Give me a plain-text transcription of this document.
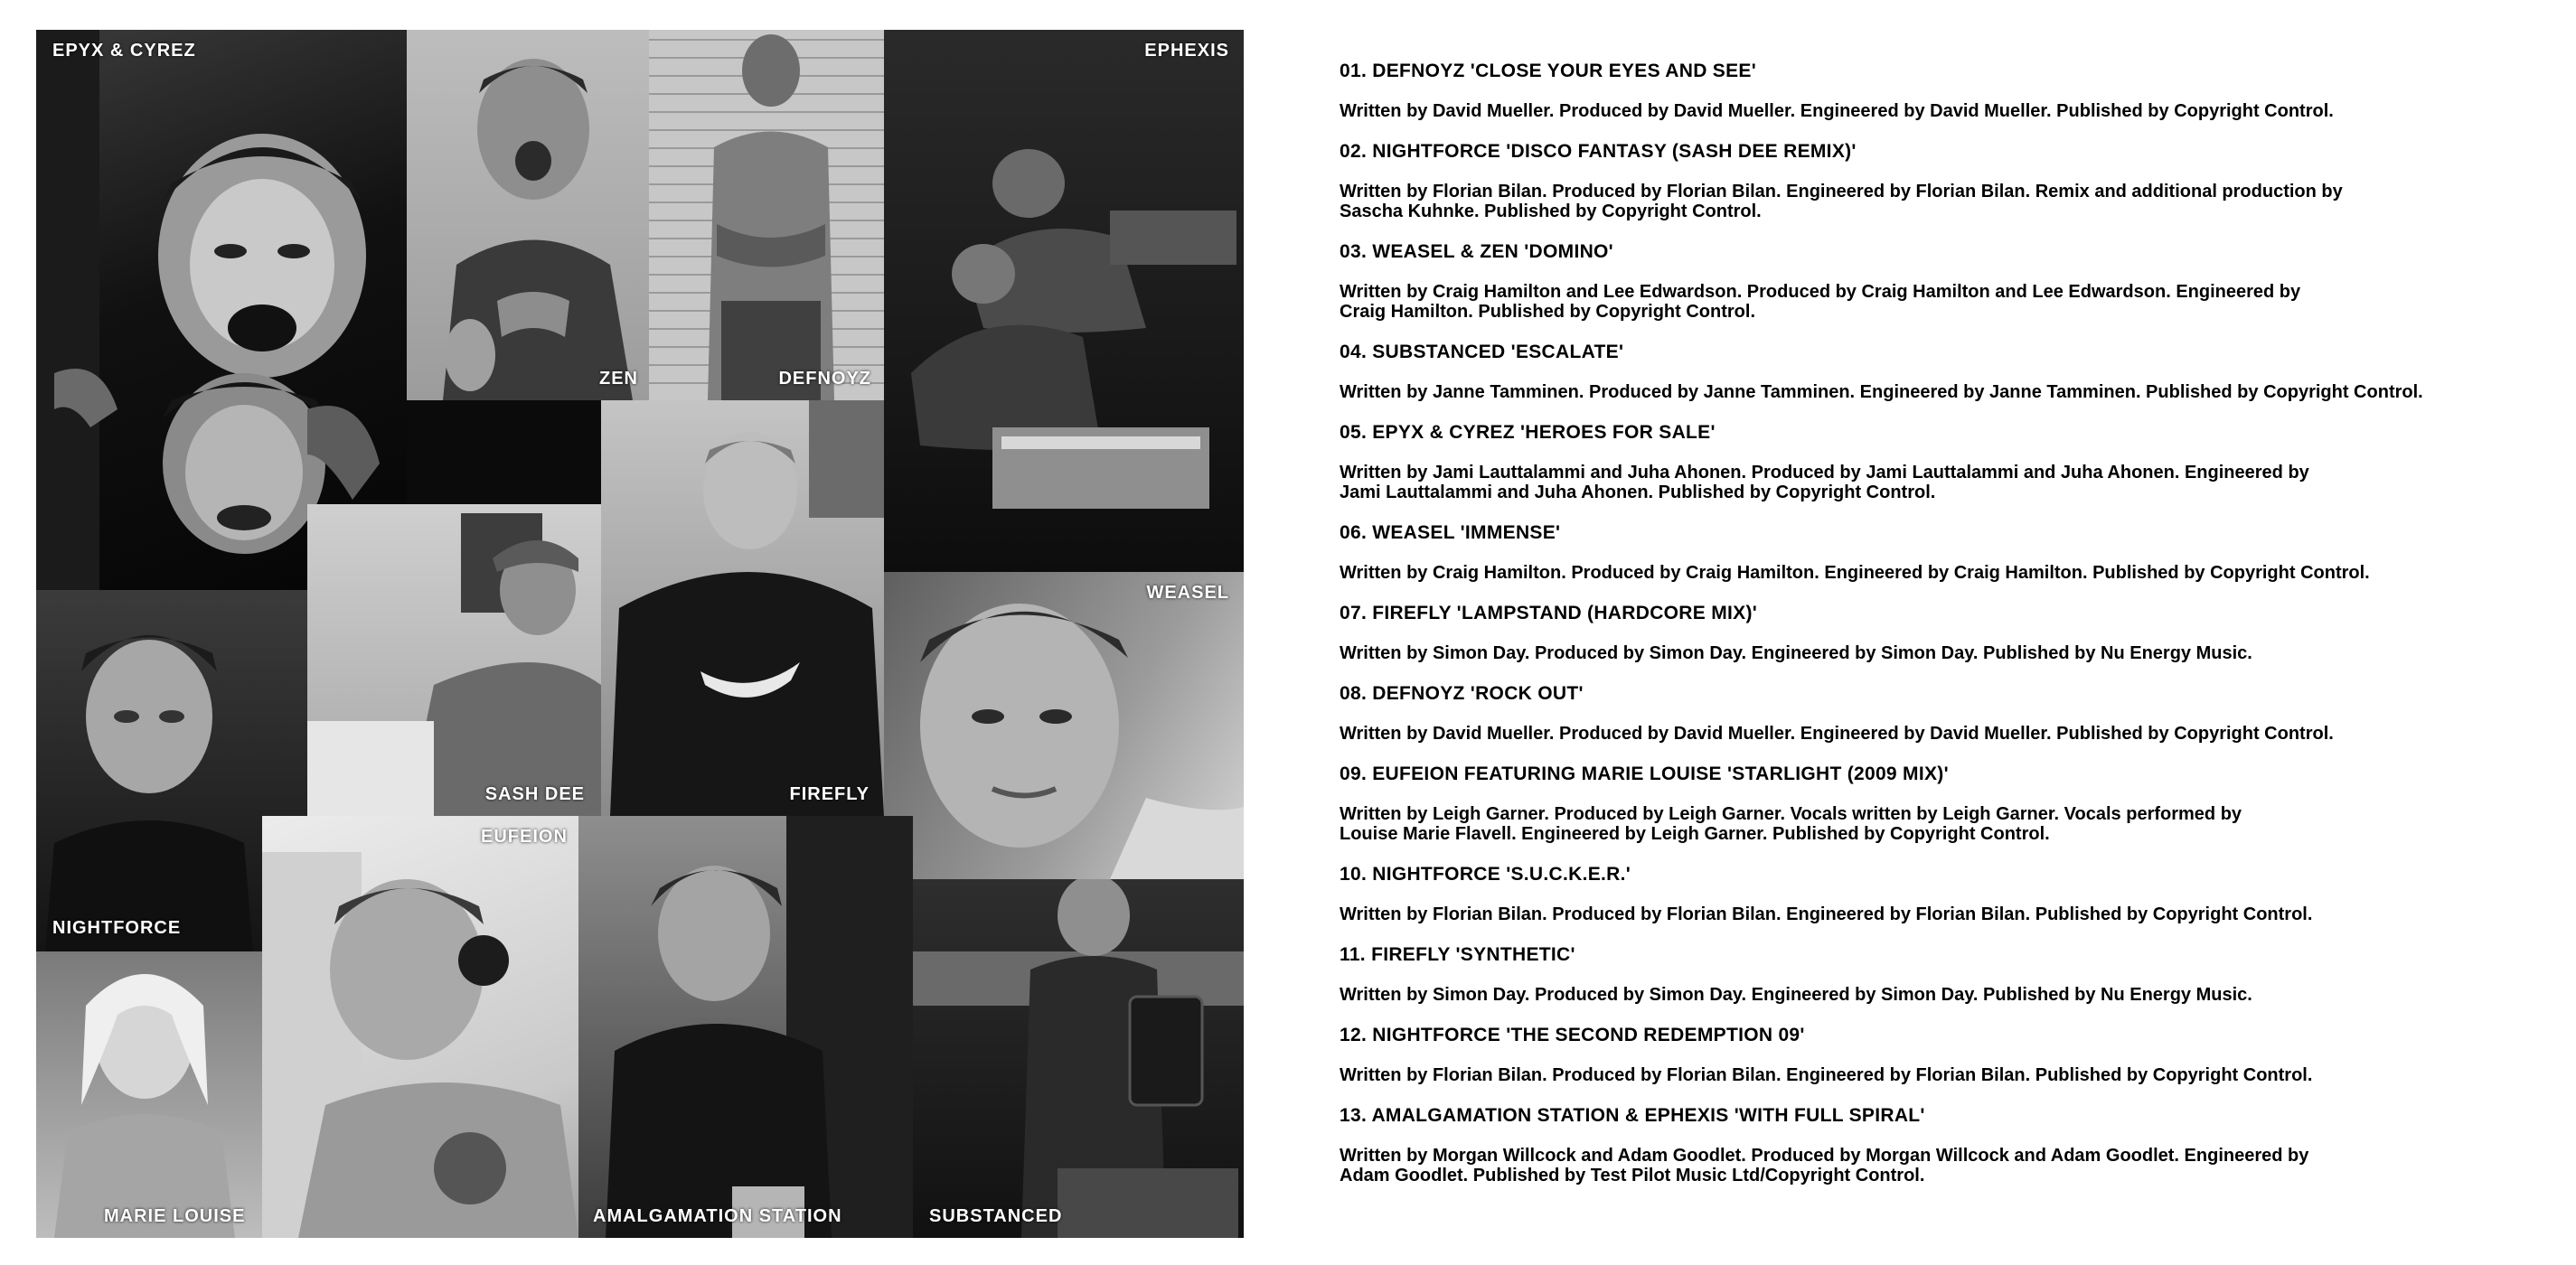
EPYX & CYREZ
ZEN	DEFNOYZ
EPHEXIS
WEASEL
SASH DEE	FIREFLY
NIGHTFORCE
EUFEION
MARIE LOUISE	AMALGAMATION STATION	SUBSTANCED
01. DEFNOYZ 'CLOSE YOUR EYES AND SEE'
Written by David Mueller. Produced by David Mueller. Engineered by David Mueller. Published by Copyright Control.
02. NIGHTFORCE 'DISCO FANTASY (SASH DEE REMIX)'
Written by Florian Bilan. Produced by Florian Bilan. Engineered by Florian Bilan. Remix and additional production by
Sascha Kuhnke. Published by Copyright Control.
03. WEASEL & ZEN 'DOMINO'
Written by Craig Hamilton and Lee Edwardson. Produced by Craig Hamilton and Lee Edwardson. Engineered by
Craig Hamilton. Published by Copyright Control.
04. SUBSTANCED 'ESCALATE'
Written by Janne Tamminen. Produced by Janne Tamminen. Engineered by Janne Tamminen. Published by Copyright Control.
05. EPYX & CYREZ 'HEROES FOR SALE'
Written by Jami Lauttalammi and Juha Ahonen. Produced by Jami Lauttalammi and Juha Ahonen. Engineered by
Jami Lauttalammi and Juha Ahonen. Published by Copyright Control.
06. WEASEL 'IMMENSE'
Written by Craig Hamilton. Produced by Craig Hamilton. Engineered by Craig Hamilton. Published by Copyright Control.
07. FIREFLY 'LAMPSTAND (HARDCORE MIX)'
Written by Simon Day. Produced by Simon Day. Engineered by Simon Day. Published by Nu Energy Music.
08. DEFNOYZ 'ROCK OUT'
Written by David Mueller. Produced by David Mueller. Engineered by David Mueller. Published by Copyright Control.
09. EUFEION FEATURING MARIE LOUISE 'STARLIGHT (2009 MIX)'
Written by Leigh Garner. Produced by Leigh Garner. Vocals written by Leigh Garner. Vocals performed by
Louise Marie Flavell. Engineered by Leigh Garner. Published by Copyright Control.
10. NIGHTFORCE 'S.U.C.K.E.R.'
Written by Florian Bilan. Produced by Florian Bilan. Engineered by Florian Bilan. Published by Copyright Control.
11. FIREFLY 'SYNTHETIC'
Written by Simon Day. Produced by Simon Day. Engineered by Simon Day. Published by Nu Energy Music.
12. NIGHTFORCE 'THE SECOND REDEMPTION 09'
Written by Florian Bilan. Produced by Florian Bilan. Engineered by Florian Bilan. Published by Copyright Control.
13. AMALGAMATION STATION & EPHEXIS 'WITH FULL SPIRAL'
Written by Morgan Willcock and Adam Goodlet. Produced by Morgan Willcock and Adam Goodlet. Engineered by
Adam Goodlet. Published by Test Pilot Music Ltd/Copyright Control.
